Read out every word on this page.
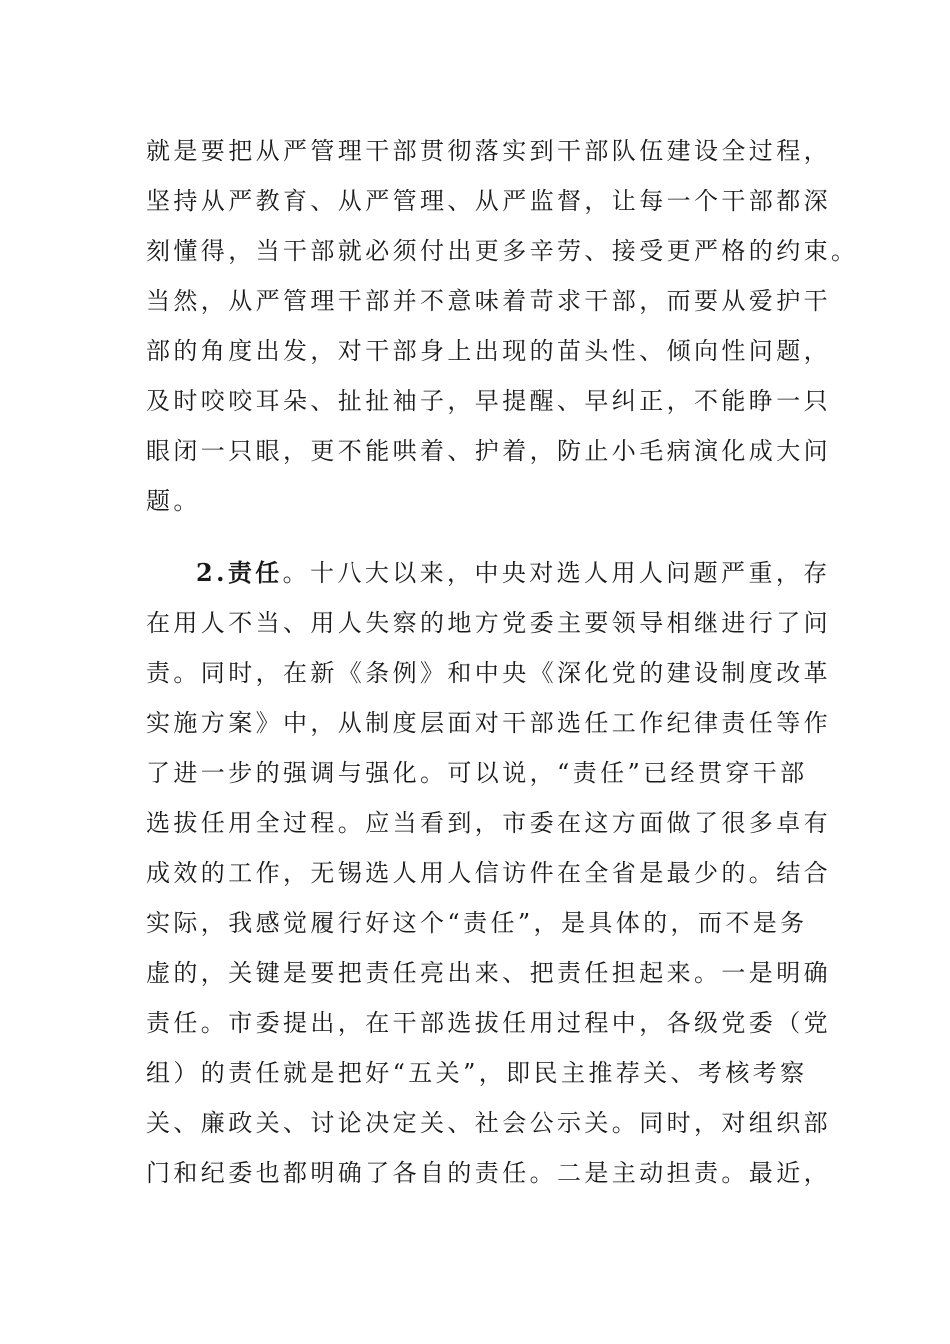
就是要把从严管理干部贯彻落实到干部队伍建设全过程，
坚持从严教育、从严管理、从严监督，让每一个干部都深
刻懂得，当干部就必须付出更多辛劳、接受更严格的约束。
当然，从严管理干部并不意味着苛求干部，而要从爱护干
部的角度出发，对干部身上出现的苗头性、倾向性问题，
及时咬咬耳朵、扯扯袖子，早提醒、早纠正，不能睁一只
眼闭一只眼，更不能哄着、护着，防止小毛病演化成大问
题。
2.责任。十八大以来，中央对选人用人问题严重，存
在用人不当、用人失察的地方党委主要领导相继进行了问
责。同时，在新《条例》和中央《深化党的建设制度改革
实施方案》中，从制度层面对干部选任工作纪律责任等作
了进一步的强调与强化。可以说，“责任”已经贯穿干部
选拔任用全过程。应当看到，市委在这方面做了很多卓有
成效的工作，无锡选人用人信访件在全省是最少的。结合
实际，我感觉履行好这个“责任”，是具体的，而不是务
虚的，关键是要把责任亮出来、把责任担起来。一是明确
责任。市委提出，在干部选拔任用过程中，各级党委（党
组）的责任就是把好“五关”，即民主推荐关、考核考察
关、廉政关、讨论决定关、社会公示关。同时，对组织部
门和纪委也都明确了各自的责任。二是主动担责。最近，
